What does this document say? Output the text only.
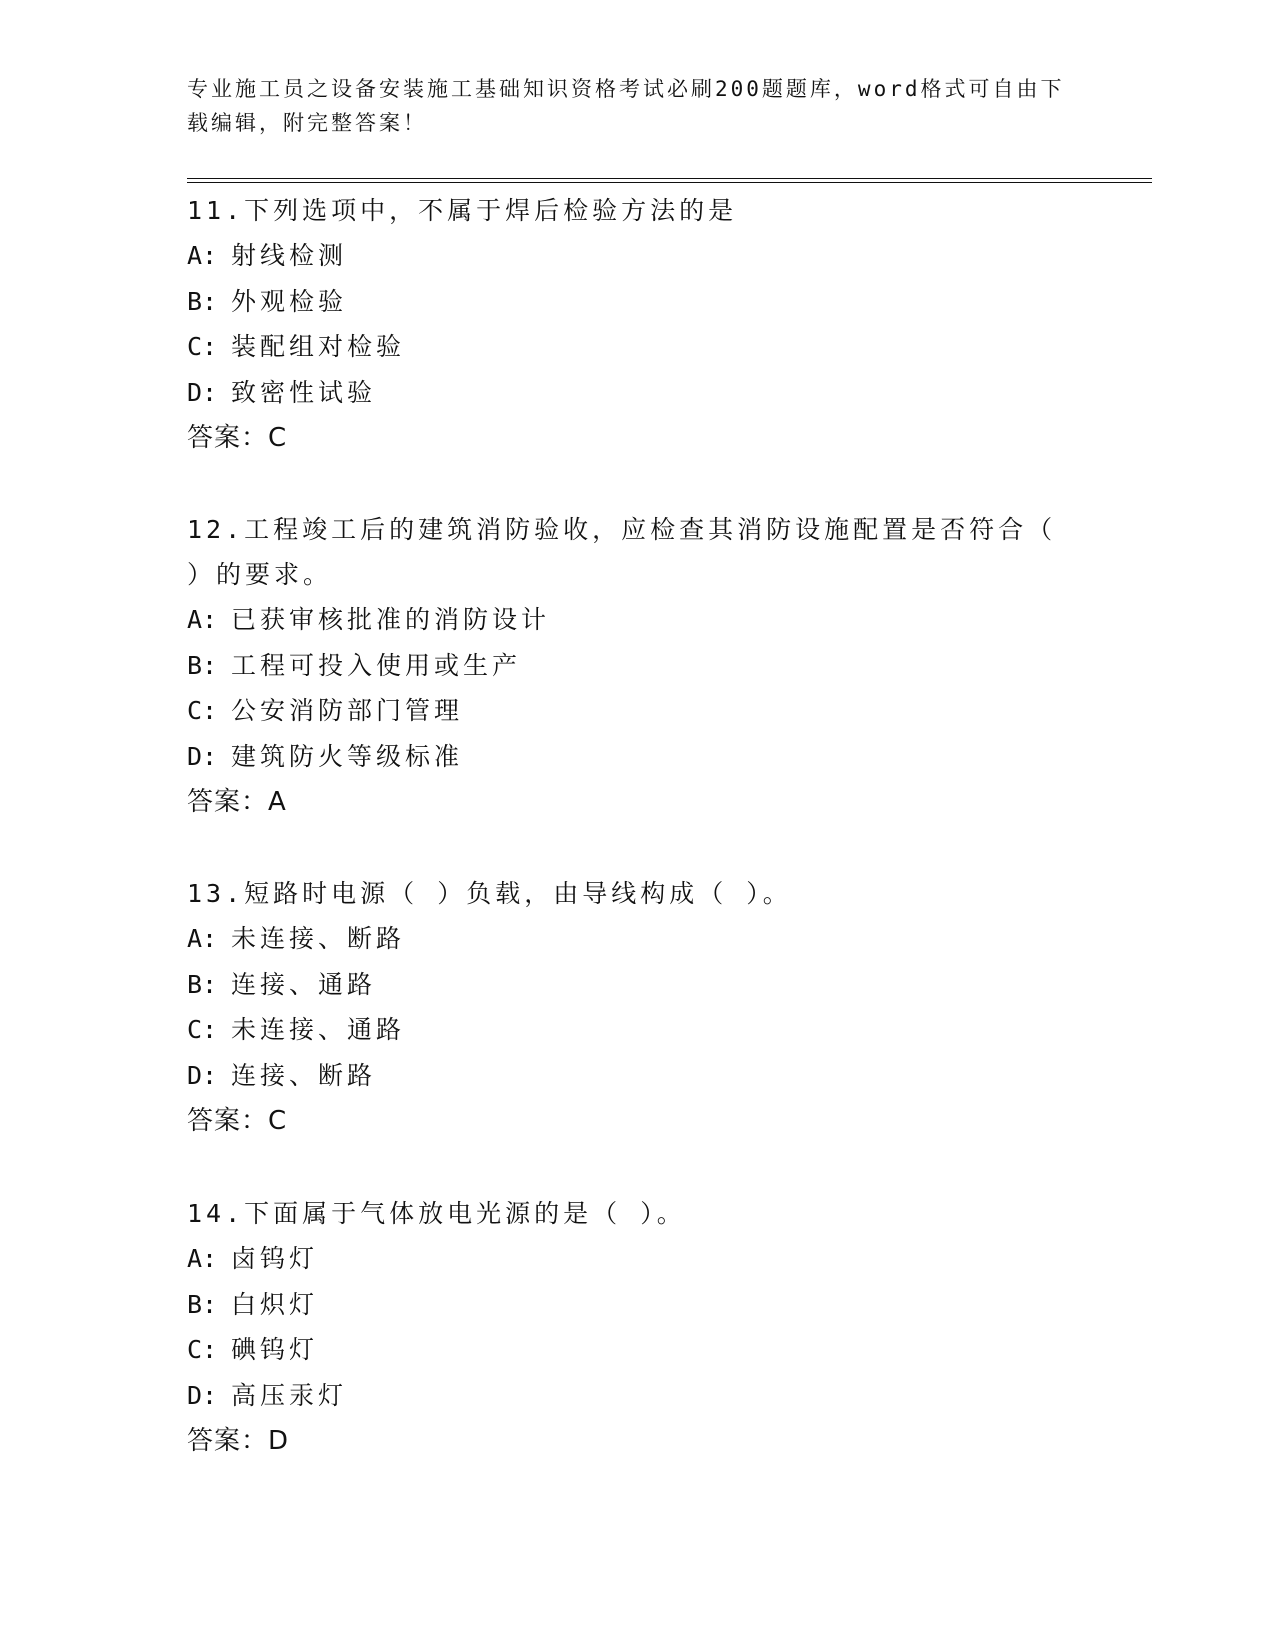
专业施工员之设备安装施工基础知识资格考试必刷200题题库，word格式可自由下载编辑，附完整答案！

11.下列选项中，不属于焊后检验方法的是

A: 射线检测

B: 外观检验

C: 装配组对检验

D: 致密性试验

答案：C

12.工程竣工后的建筑消防验收，应检查其消防设施配置是否符合（ ）的要求。

A: 已获审核批准的消防设计

B: 工程可投入使用或生产

C: 公安消防部门管理

D: 建筑防火等级标准

答案：A

13.短路时电源（ ）负载，由导线构成（ ）。

A: 未连接、断路

B: 连接、通路

C: 未连接、通路

D: 连接、断路

答案：C

14.下面属于气体放电光源的是（ ）。

A: 卤钨灯

B: 白炽灯

C: 碘钨灯

D: 高压汞灯

答案：D
